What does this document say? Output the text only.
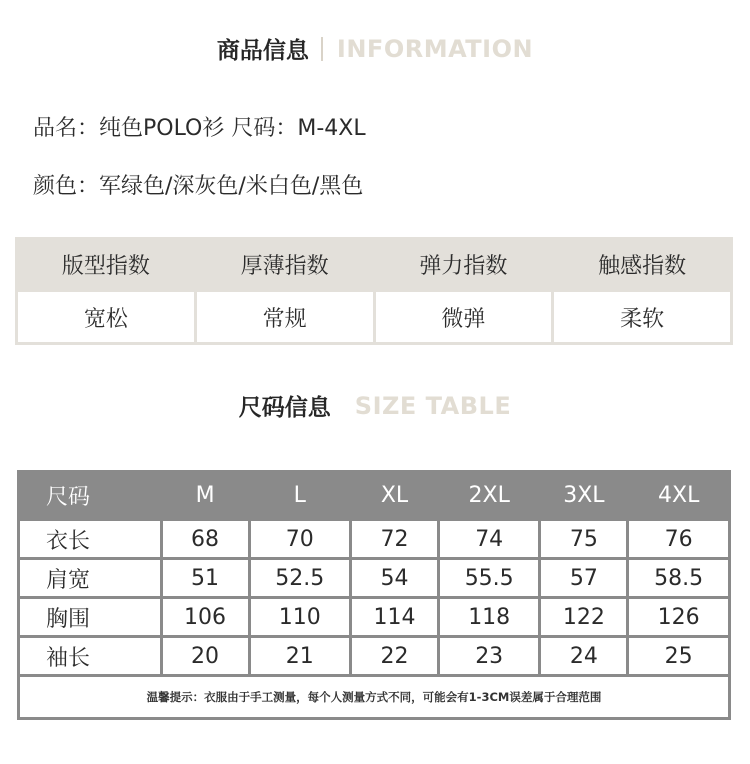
商品信息 INFORMATION
品名：纯色POLO衫 尺码：M-4XL
颜色：军绿色/深灰色/米白色/黑色
版型指数	厚薄指数	弹力指数	触感指数
宽松	常规	微弹	柔软
尺码信息 SIZE TABLE
尺码	M	L	XL	2XL	3XL	4XL
衣长	68	70	72	74	75	76
肩宽	51	52.5	54	55.5	57	58.5
胸围	106	110	114	118	122	126
袖长	20	21	22	23	24	25
温馨提示：衣服由于手工测量，每个人测量方式不同，可能会有1-3CM误差属于合理范围						
